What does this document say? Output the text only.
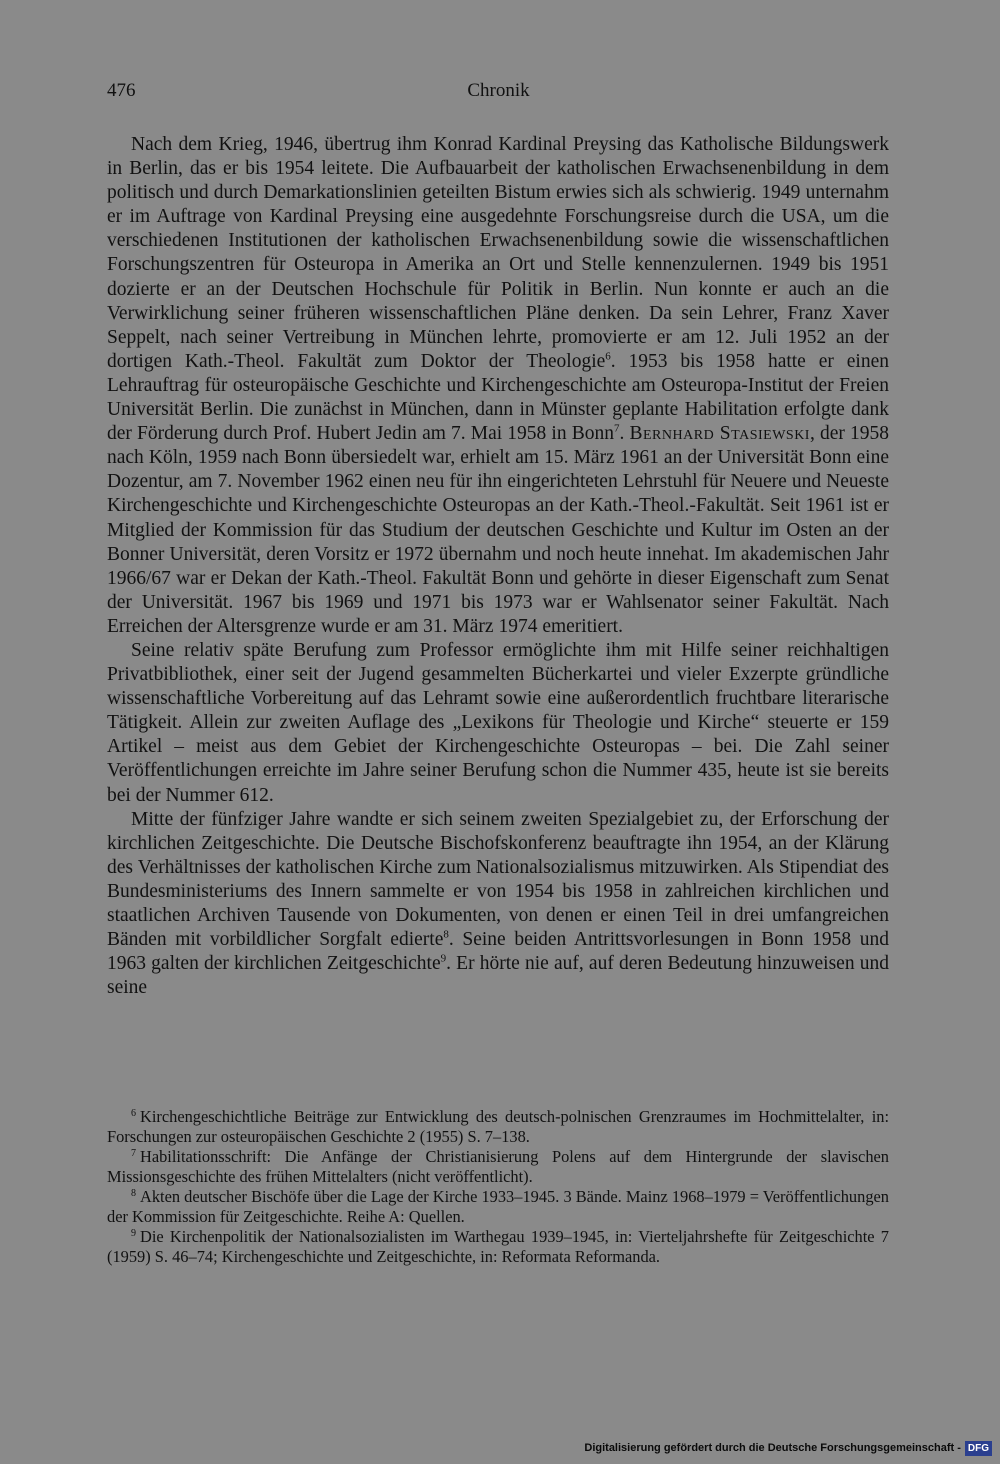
476	Chronik

Nach dem Krieg, 1946, übertrug ihm Konrad Kardinal Preysing das Katholische Bildungswerk in Berlin, das er bis 1954 leitete. Die Aufbauarbeit der katholischen Erwachsenenbildung in dem politisch und durch Demarkationslinien geteilten Bistum erwies sich als schwierig. 1949 unternahm er im Auftrage von Kardinal Preysing eine ausgedehnte Forschungsreise durch die USA, um die verschiedenen Institutionen der katholischen Erwachsenenbildung sowie die wissenschaftlichen Forschungszentren für Osteuropa in Amerika an Ort und Stelle kennenzulernen. 1949 bis 1951 dozierte er an der Deutschen Hochschule für Politik in Berlin. Nun konnte er auch an die Verwirklichung seiner früheren wissenschaftlichen Pläne denken. Da sein Lehrer, Franz Xaver Seppelt, nach seiner Vertreibung in München lehrte, promovierte er am 12. Juli 1952 an der dortigen Kath.-Theol. Fakultät zum Doktor der Theologie$^6$. 1953 bis 1958 hatte er einen Lehrauftrag für osteuropäische Geschichte und Kirchengeschichte am Osteuropa-Institut der Freien Universität Berlin. Die zunächst in München, dann in Münster geplante Habilitation erfolgte dank der Förderung durch Prof. Hubert Jedin am 7. Mai 1958 in Bonn$^7$. Bernhard Stasiewski, der 1958 nach Köln, 1959 nach Bonn übersiedelt war, erhielt am 15. März 1961 an der Universität Bonn eine Dozentur, am 7. November 1962 einen neu für ihn eingerichteten Lehrstuhl für Neuere und Neueste Kirchengeschichte und Kirchengeschichte Osteuropas an der Kath.-Theol.-Fakultät. Seit 1961 ist er Mitglied der Kommission für das Studium der deutschen Geschichte und Kultur im Osten an der Bonner Universität, deren Vorsitz er 1972 übernahm und noch heute innehat. Im akademischen Jahr 1966/67 war er Dekan der Kath.-Theol. Fakultät Bonn und gehörte in dieser Eigenschaft zum Senat der Universität. 1967 bis 1969 und 1971 bis 1973 war er Wahlsenator seiner Fakultät. Nach Erreichen der Altersgrenze wurde er am 31. März 1974 emeritiert.

Seine relativ späte Berufung zum Professor ermöglichte ihm mit Hilfe seiner reichhaltigen Privatbibliothek, einer seit der Jugend gesammelten Bücherkartei und vieler Exzerpte gründliche wissenschaftliche Vorbereitung auf das Lehramt sowie eine außerordentlich fruchtbare literarische Tätigkeit. Allein zur zweiten Auflage des „Lexikons für Theologie und Kirche“ steuerte er 159 Artikel – meist aus dem Gebiet der Kirchengeschichte Osteuropas – bei. Die Zahl seiner Veröffentlichungen erreichte im Jahre seiner Berufung schon die Nummer 435, heute ist sie bereits bei der Nummer 612.

Mitte der fünfziger Jahre wandte er sich seinem zweiten Spezialgebiet zu, der Erforschung der kirchlichen Zeitgeschichte. Die Deutsche Bischofskonferenz beauftragte ihn 1954, an der Klärung des Verhältnisses der katholischen Kirche zum Nationalsozialismus mitzuwirken. Als Stipendiat des Bundesministeriums des Innern sammelte er von 1954 bis 1958 in zahlreichen kirchlichen und staatlichen Archiven Tausende von Dokumenten, von denen er einen Teil in drei umfangreichen Bänden mit vorbildlicher Sorgfalt edierte$^8$. Seine beiden Antrittsvorlesungen in Bonn 1958 und 1963 galten der kirchlichen Zeitgeschichte$^9$. Er hörte nie auf, auf deren Bedeutung hinzuweisen und seine

$^6$ Kirchengeschichtliche Beiträge zur Entwicklung des deutsch-polnischen Grenzraumes im Hochmittelalter, in: Forschungen zur osteuropäischen Geschichte 2 (1955) S. 7–138.

$^7$ Habilitationsschrift: Die Anfänge der Christianisierung Polens auf dem Hintergrunde der slavischen Missionsgeschichte des frühen Mittelalters (nicht veröffentlicht).

$^8$ Akten deutscher Bischöfe über die Lage der Kirche 1933–1945. 3 Bände. Mainz 1968–1979 = Veröffentlichungen der Kommission für Zeitgeschichte. Reihe A: Quellen.

$^9$ Die Kirchenpolitik der Nationalsozialisten im Warthegau 1939–1945, in: Vierteljahrshefte für Zeitgeschichte 7 (1959) S. 46–74; Kirchengeschichte und Zeitgeschichte, in: Reformata Reformanda.

Digitalisierung gefördert durch die Deutsche Forschungsgemeinschaft - DFG
